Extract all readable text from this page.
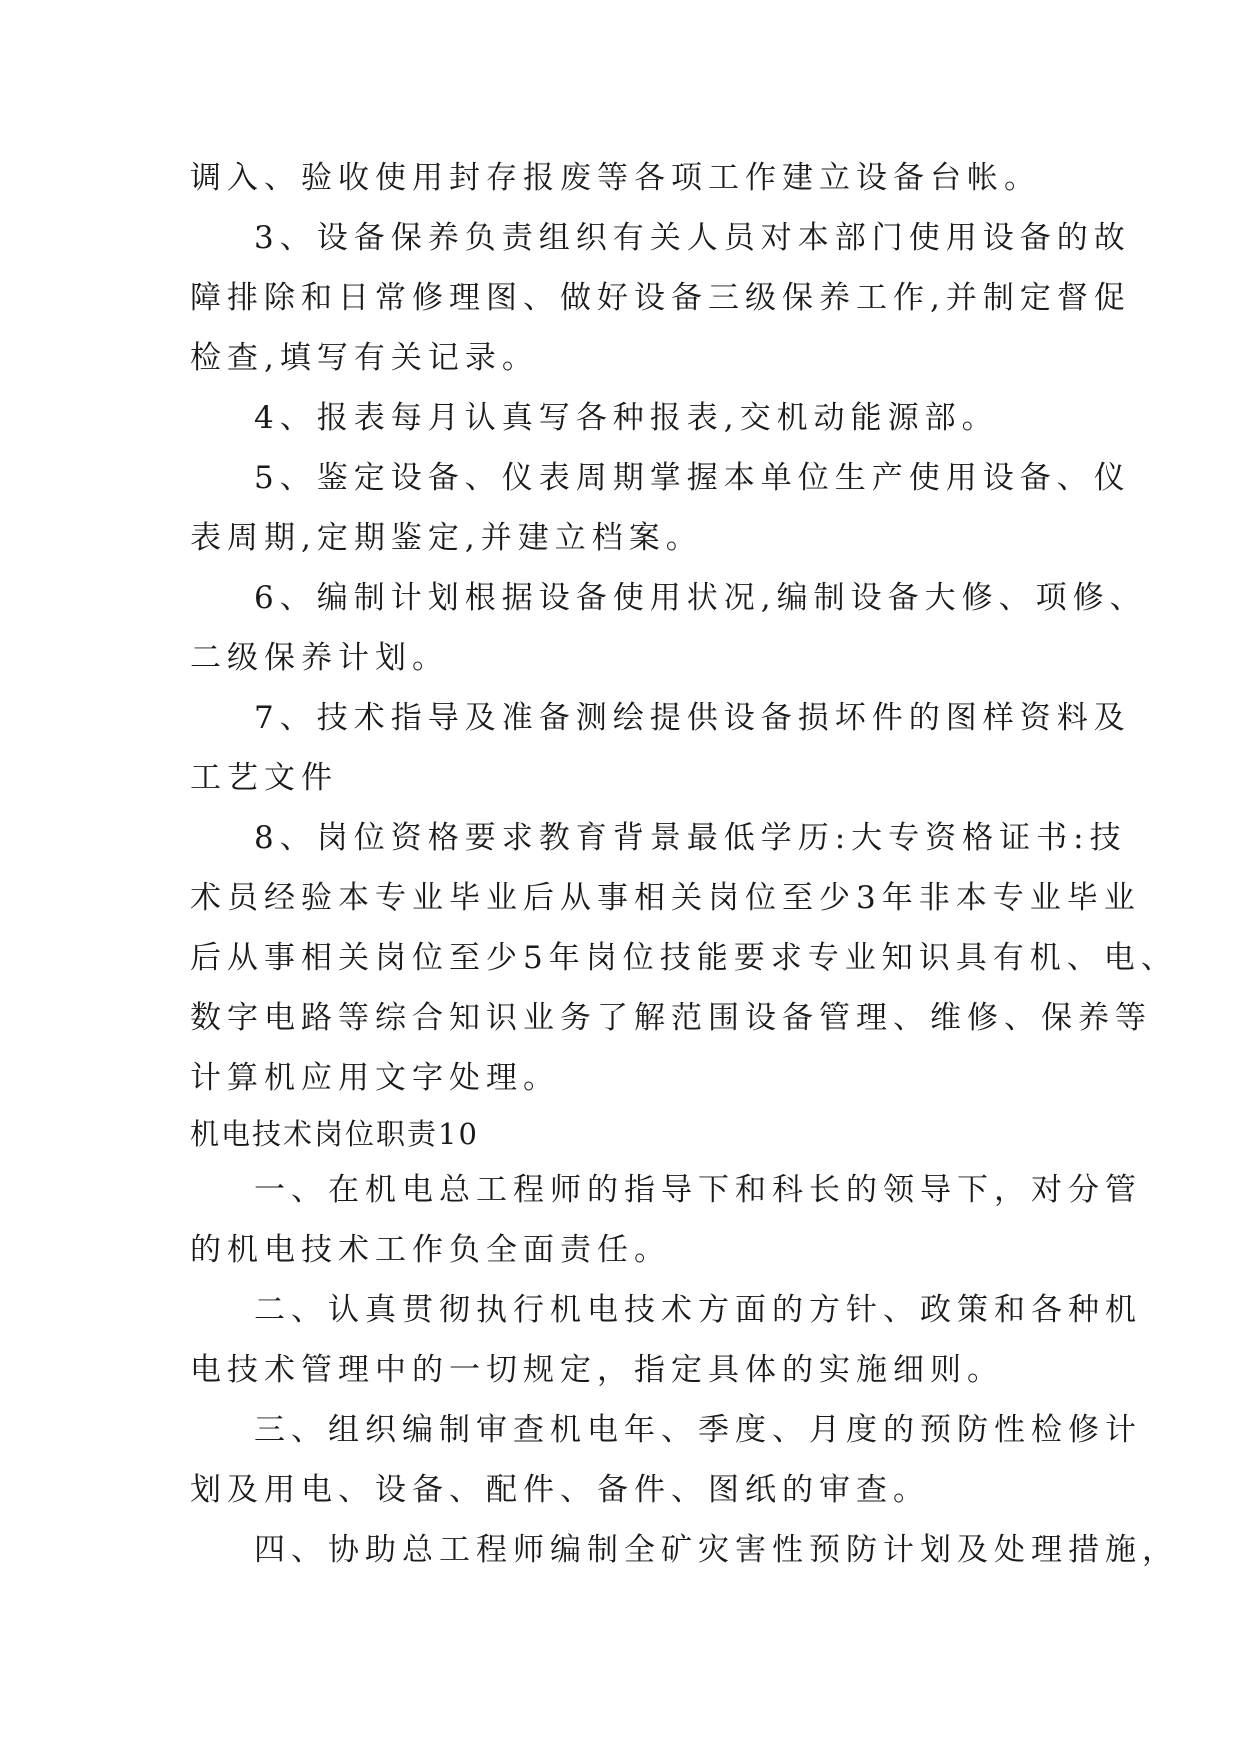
调入、验收使用封存报废等各项工作建立设备台帐。
3、设备保养负责组织有关人员对本部门使用设备的故
障排除和日常修理图、做好设备三级保养工作,并制定督促
检查,填写有关记录。
4、报表每月认真写各种报表,交机动能源部。
5、鉴定设备、仪表周期掌握本单位生产使用设备、仪
表周期,定期鉴定,并建立档案。
6、编制计划根据设备使用状况,编制设备大修、项修、
二级保养计划。
7、技术指导及准备测绘提供设备损坏件的图样资料及
工艺文件
8、岗位资格要求教育背景最低学历:大专资格证书:技
术员经验本专业毕业后从事相关岗位至少3年非本专业毕业
后从事相关岗位至少5年岗位技能要求专业知识具有机、电、
数字电路等综合知识业务了解范围设备管理、维修、保养等
计算机应用文字处理。
机电技术岗位职责10
一、在机电总工程师的指导下和科长的领导下，对分管
的机电技术工作负全面责任。
二、认真贯彻执行机电技术方面的方针、政策和各种机
电技术管理中的一切规定，指定具体的实施细则。
三、组织编制审查机电年、季度、月度的预防性检修计
划及用电、设备、配件、备件、图纸的审查。
四、协助总工程师编制全矿灾害性预防计划及处理措施，
